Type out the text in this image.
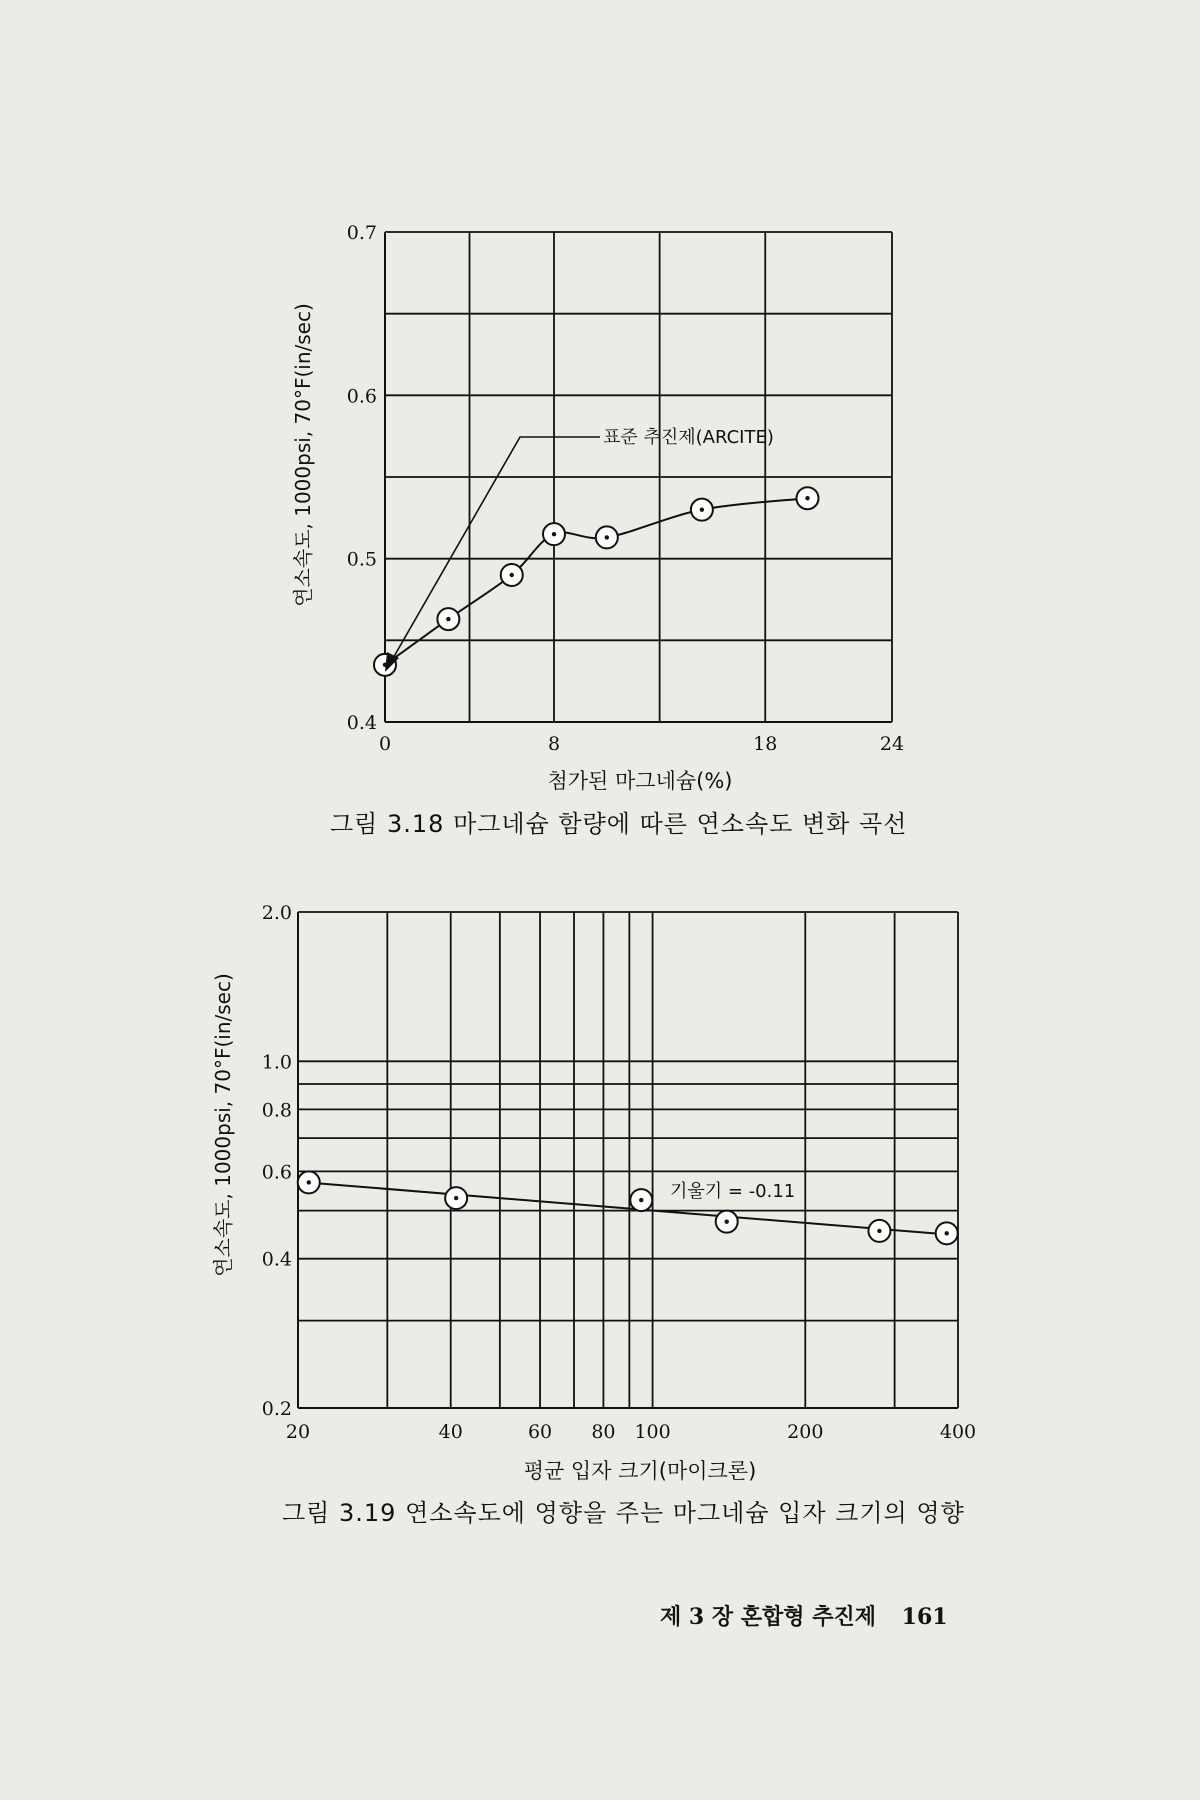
0.4
0.5
0.6
0.7
0	8	18	24
표준 추진제(ARCITE)
연소속도, 1000psi, 70°F(in/sec)
첨가된 마그네슘(%)
그림 3.18 마그네슘 함량에 따른 연소속도 변화 곡선
0.2
0.4
0.6
0.8
1.0
2.0
20	40	60 80 100	200	400
기울기 = -0.11
연소속도, 1000psi, 70°F(in/sec)
평균 입자 크기(마이크론)
그림 3.19 연소속도에 영향을 주는 마그네슘 입자 크기의 영향
제 3 장 혼합형 추진제 161
